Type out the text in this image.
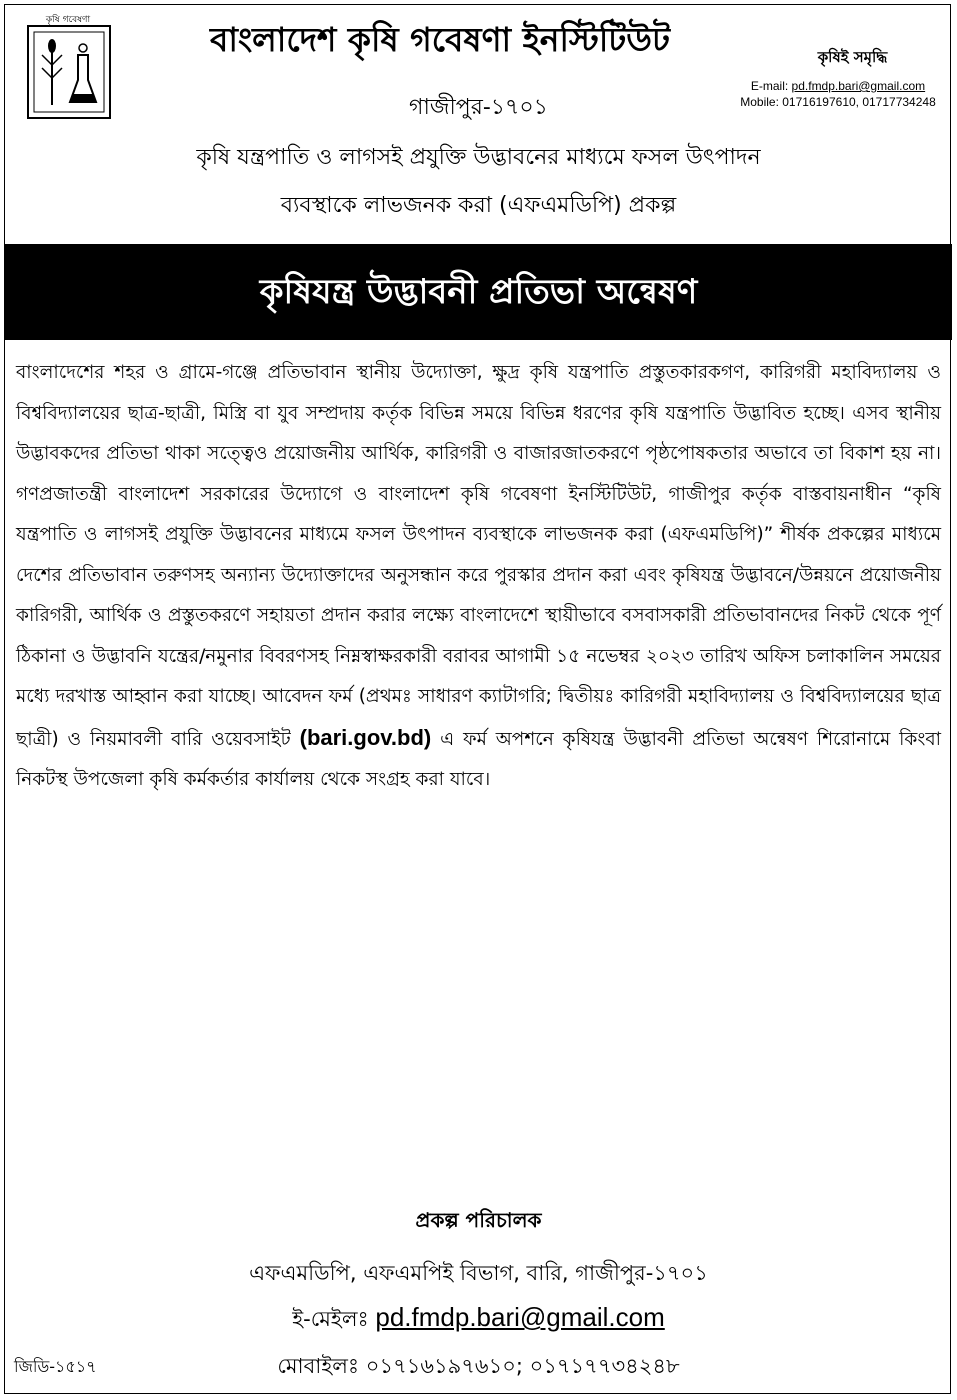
কৃষি গবেষণা	বাংলাদেশ কৃষি গবেষণা ইনস্টিটিউট	কৃষিই সমৃদ্ধি
E-mail: pd.fmdp.bari@gmail.com
Mobile: 01716197610, 01717734248
গাজীপুর-১৭০১
কৃষি যন্ত্রপাতি ও লাগসই প্রযুক্তি উদ্ভাবনের মাধ্যমে ফসল উৎপাদন
ব্যবস্থাকে লাভজনক করা (এফএমডিপি) প্রকল্প
কৃষিযন্ত্র উদ্ভাবনী প্রতিভা অন্বেষণ

বাংলাদেশের শহর ও গ্রামে-গঞ্জে প্রতিভাবান স্থানীয় উদ্যোক্তা, ক্ষুদ্র কৃষি যন্ত্রপাতি প্রস্তুতকারকগণ, কারিগরী মহাবিদ্যালয় ও বিশ্ববিদ্যালয়ের ছাত্র-ছাত্রী, মিস্ত্রি বা যুব সম্প্রদায় কর্তৃক বিভিন্ন সময়ে বিভিন্ন ধরণের কৃষি যন্ত্রপাতি উদ্ভাবিত হচ্ছে। এসব স্থানীয় উদ্ভাবকদের প্রতিভা থাকা সত্ত্বেও প্রয়োজনীয় আর্থিক, কারিগরী ও বাজারজাতকরণে পৃষ্ঠপোষকতার অভাবে তা বিকাশ হয় না। গণপ্রজাতন্ত্রী বাংলাদেশ সরকারের উদ্যোগে ও বাংলাদেশ কৃষি গবেষণা ইনস্টিটিউট, গাজীপুর কর্তৃক বাস্তবায়নাধীন “কৃষি যন্ত্রপাতি ও লাগসই প্রযুক্তি উদ্ভাবনের মাধ্যমে ফসল উৎপাদন ব্যবস্থাকে লাভজনক করা (এফএমডিপি)” শীর্ষক প্রকল্পের মাধ্যমে দেশের প্রতিভাবান তরুণসহ অন্যান্য উদ্যোক্তাদের অনুসন্ধান করে পুরস্কার প্রদান করা এবং কৃষিযন্ত্র উদ্ভাবনে/উন্নয়নে প্রয়োজনীয় কারিগরী, আর্থিক ও প্রস্তুতকরণে সহায়তা প্রদান করার লক্ষ্যে বাংলাদেশে স্থায়ীভাবে বসবাসকারী প্রতিভাবানদের নিকট থেকে পূর্ণ ঠিকানা ও উদ্ভাবনি যন্ত্রের/নমুনার বিবরণসহ নিম্নস্বাক্ষরকারী বরাবর আগামী ১৫ নভেম্বর ২০২৩ তারিখ অফিস চলাকালিন সময়ের মধ্যে দরখাস্ত আহ্বান করা যাচ্ছে। আবেদন ফর্ম (প্রথমঃ সাধারণ ক্যাটাগরি; দ্বিতীয়ঃ কারিগরী মহাবিদ্যালয় ও বিশ্ববিদ্যালয়ের ছাত্র ছাত্রী) ও নিয়মাবলী বারি ওয়েবসাইট (bari.gov.bd) এ ফর্ম অপশনে কৃষিযন্ত্র উদ্ভাবনী প্রতিভা অন্বেষণ শিরোনামে কিংবা নিকটস্থ উপজেলা কৃষি কর্মকর্তার কার্যালয় থেকে সংগ্রহ করা যাবে।

প্রকল্প পরিচালক
এফএমডিপি, এফএমপিই বিভাগ, বারি, গাজীপুর-১৭০১
ই-মেইলঃ pd.fmdp.bari@gmail.com
মোবাইলঃ ০১৭১৬১৯৭৬১০; ০১৭১৭৭৩৪২৪৮
জিডি-১৫১৭
